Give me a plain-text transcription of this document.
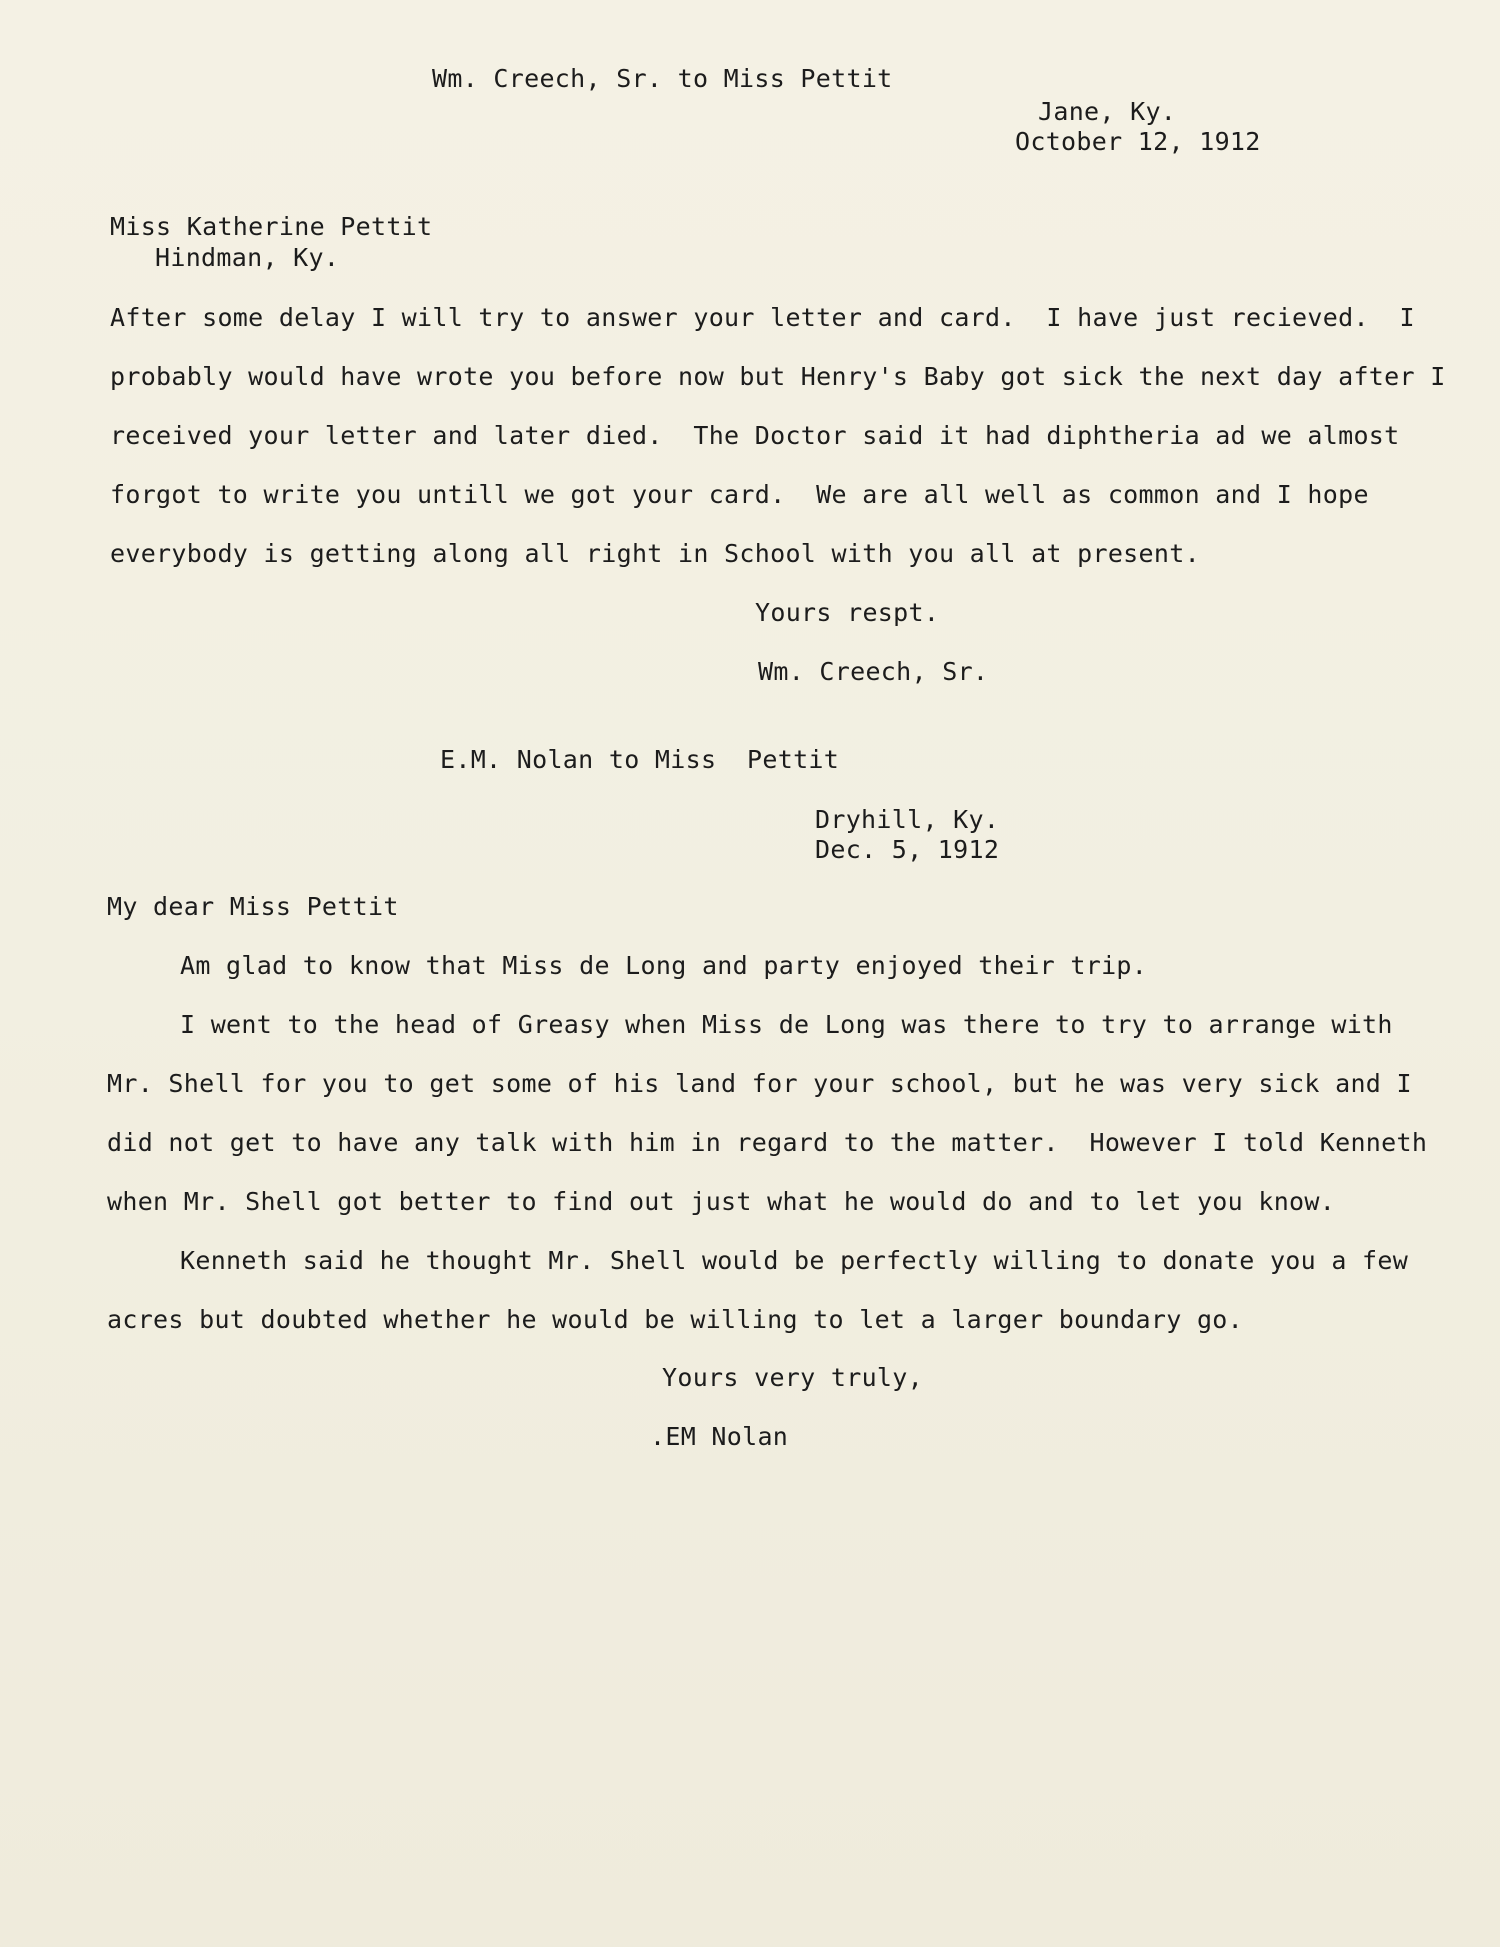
Wm. Creech, Sr. to Miss Pettit
Jane, Ky.
October 12, 1912
Miss Katherine Pettit
Hindman, Ky.
After some delay I will try to answer your letter and card.  I have just recieved.  I
probably would have wrote you before now but Henry's Baby got sick the next day after I
received your letter and later died.  The Doctor said it had diphtheria ad we almost
forgot to write you untill we got your card.  We are all well as common and I hope
everybody is getting along all right in School with you all at present.
Yours respt.
Wm. Creech, Sr.
E.M. Nolan to Miss  Pettit
Dryhill, Ky.
Dec. 5, 1912
My dear Miss Pettit
Am glad to know that Miss de Long and party enjoyed their trip.
I went to the head of Greasy when Miss de Long was there to try to arrange with
Mr. Shell for you to get some of his land for your school, but he was very sick and I
did not get to have any talk with him in regard to the matter.  However I told Kenneth
when Mr. Shell got better to find out just what he would do and to let you know.
Kenneth said he thought Mr. Shell would be perfectly willing to donate you a few
acres but doubted whether he would be willing to let a larger boundary go.
Yours very truly,
.EM Nolan
